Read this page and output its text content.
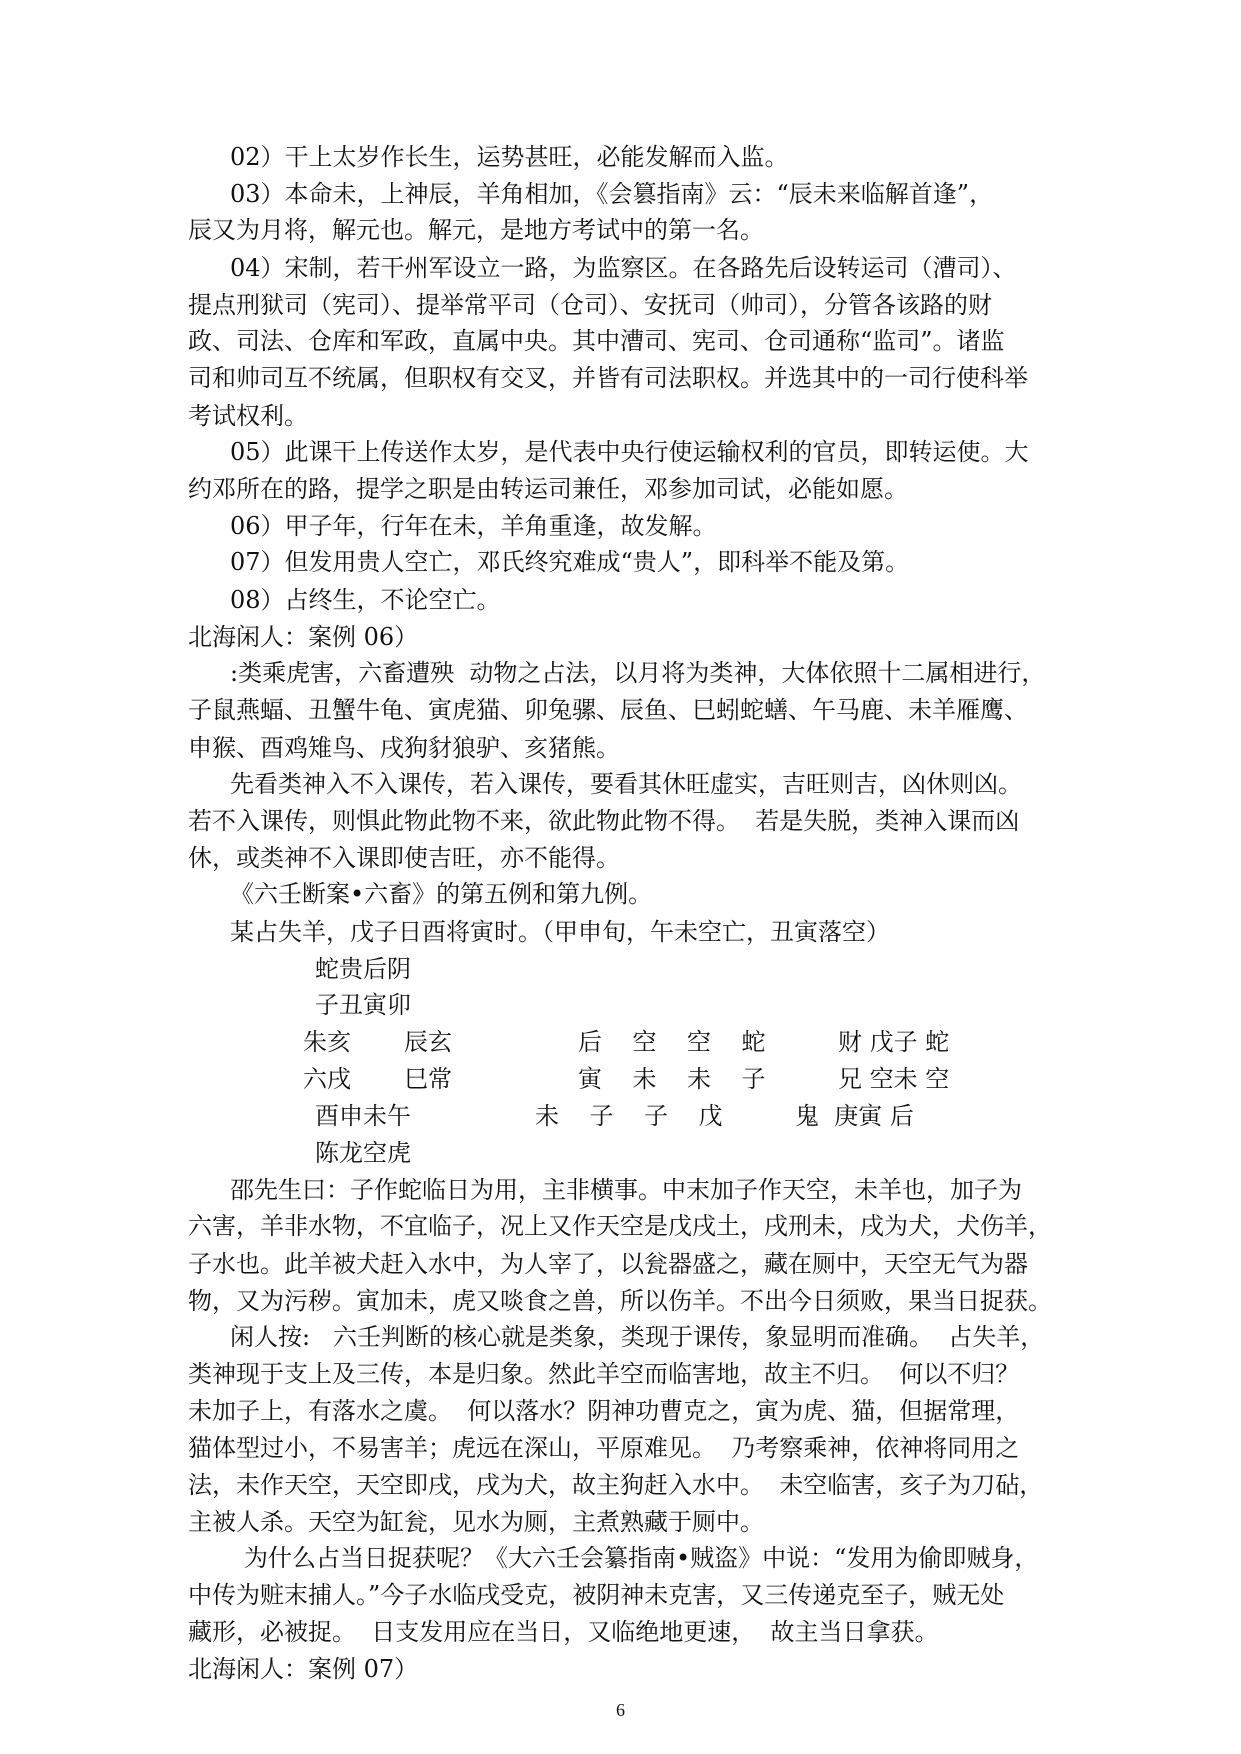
02）干上太岁作长生，运势甚旺，必能发解而入监。
03）本命未，上神辰，羊角相加，《会篡指南》云：“辰未来临解首逢”，
辰又为月将，解元也。解元，是地方考试中的第一名。
04）宋制，若干州军设立一路，为监察区。在各路先后设转运司（漕司）、
提点刑狱司（宪司）、提举常平司（仓司）、安抚司（帅司），分管各该路的财
政、司法、仓库和军政，直属中央。其中漕司、宪司、仓司通称“监司”。诸监
司和帅司互不统属，但职权有交叉，并皆有司法职权。并选其中的一司行使科举
考试权利。
05）此课干上传送作太岁，是代表中央行使运输权利的官员，即转运使。大
约邓所在的路，提学之职是由转运司兼任，邓参加司试，必能如愿。
06）甲子年，行年在未，羊角重逢，故发解。
07）但发用贵人空亡，邓氏终究难成“贵人”，即科举不能及第。
08）占终生，不论空亡。
北海闲人：案例 06）
:类乘虎害，六畜遭殃  动物之占法，以月将为类神，大体依照十二属相进行，
子鼠燕蝠、丑蟹牛龟、寅虎猫、卯兔骡、辰鱼、巳蚓蛇蟮、午马鹿、未羊雁鹰、
申猴、酉鸡雉鸟、戌狗豺狼驴、亥猪熊。
先看类神入不入课传，若入课传，要看其休旺虚实，吉旺则吉，凶休则凶。
若不入课传，则惧此物此物不来，欲此物此物不得。  若是失脱，类神入课而凶
休，或类神不入课即使吉旺，亦不能得。
《六壬断案•六畜》的第五例和第九例。
某占失羊，戊子日酉将寅时。（甲申旬，午未空亡，丑寅落空）
蛇贵后阴
子丑寅卯
朱亥 辰玄	后    空    空    蛇	财 戊子 蛇
六戌 巳常	寅    未    未    子	兄 空未 空
酉申未午	未    子    子    戊	鬼  庚寅 后
陈龙空虎
邵先生曰：子作蛇临日为用，主非横事。中末加子作天空，未羊也，加子为
六害，羊非水物，不宜临子，况上又作天空是戊戌土，戌刑未，戌为犬，犬伤羊，
子水也。此羊被犬赶入水中，为人宰了，以瓮器盛之，藏在厕中，天空无气为器
物，又为污秽。寅加未，虎又啖食之兽，所以伤羊。不出今日须败，果当日捉获。
闲人按:   六壬判断的核心就是类象，类现于课传，象显明而准确。  占失羊，
类神现于支上及三传，本是归象。然此羊空而临害地，故主不归。  何以不归？
未加子上，有落水之虞。  何以落水？阴神功曹克之，寅为虎、猫，但据常理，
猫体型过小，不易害羊；虎远在深山，平原难见。  乃考察乘神，依神将同用之
法，未作天空，天空即戌，戌为犬，故主狗赶入水中。  未空临害，亥子为刀砧，
主被人杀。天空为缸瓮，见水为厕，主煮熟藏于厕中。
为什么占当日捉获呢？《大六壬会纂指南•贼盗》中说：“发用为偷即贼身，
中传为赃末捕人。”今子水临戌受克，被阴神未克害，又三传递克至子，贼无处
藏形，必被捉。  日支发用应在当日，又临绝地更速，  故主当日拿获。
北海闲人：案例 07）
6
